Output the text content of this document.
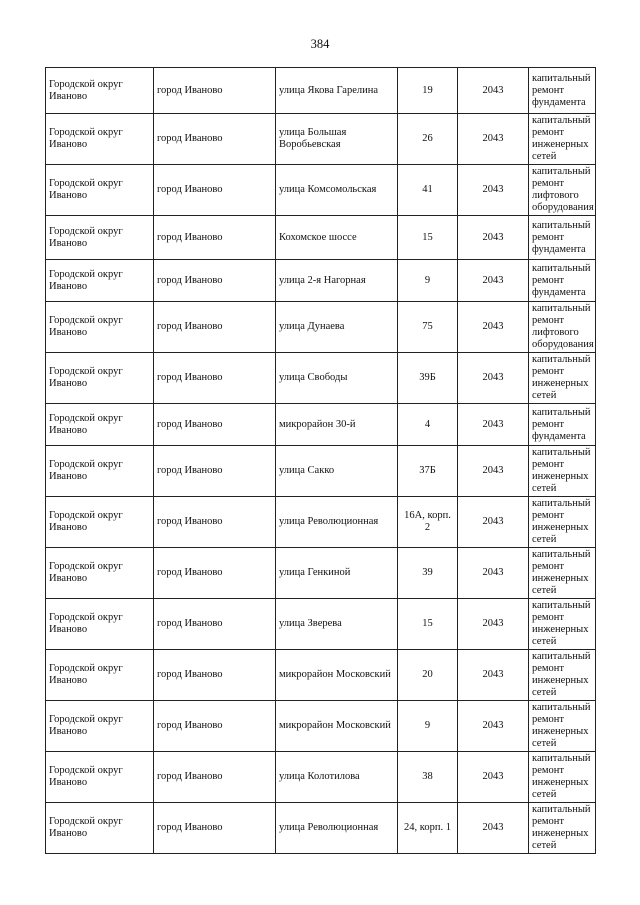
384
Городской округ Иваново	город Иваново	улица Якова Гарелина	19	2043	капитальный ремонт фундамента
Городской округ Иваново	город Иваново	улица Большая Воробьевская	26	2043	капитальный ремонт инженерных сетей
Городской округ Иваново	город Иваново	улица Комсомольская	41	2043	капитальный ремонт лифтового оборудования
Городской округ Иваново	город Иваново	Кохомское шоссе	15	2043	капитальный ремонт фундамента
Городской округ Иваново	город Иваново	улица 2-я Нагорная	9	2043	капитальный ремонт фундамента
Городской округ Иваново	город Иваново	улица Дунаева	75	2043	капитальный ремонт лифтового оборудования
Городской округ Иваново	город Иваново	улица Свободы	39Б	2043	капитальный ремонт инженерных сетей
Городской округ Иваново	город Иваново	микрорайон 30-й	4	2043	капитальный ремонт фундамента
Городской округ Иваново	город Иваново	улица Сакко	37Б	2043	капитальный ремонт инженерных сетей
Городской округ Иваново	город Иваново	улица Революционная	16А, корп. 2	2043	капитальный ремонт инженерных сетей
Городской округ Иваново	город Иваново	улица Генкиной	39	2043	капитальный ремонт инженерных сетей
Городской округ Иваново	город Иваново	улица Зверева	15	2043	капитальный ремонт инженерных сетей
Городской округ Иваново	город Иваново	микрорайон Московский	20	2043	капитальный ремонт инженерных сетей
Городской округ Иваново	город Иваново	микрорайон Московский	9	2043	капитальный ремонт инженерных сетей
Городской округ Иваново	город Иваново	улица Колотилова	38	2043	капитальный ремонт инженерных сетей
Городской округ Иваново	город Иваново	улица Революционная	24, корп. 1	2043	капитальный ремонт инженерных сетей
